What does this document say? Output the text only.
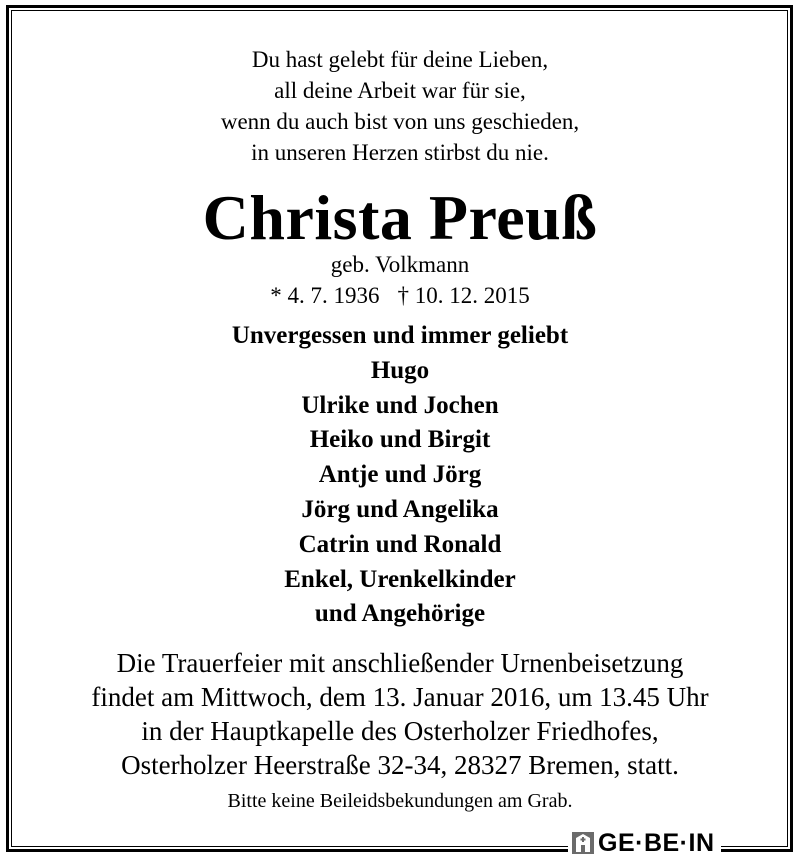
Du hast gelebt für deine Lieben,
all deine Arbeit war für sie,
wenn du auch bist von uns geschieden,
in unseren Herzen stirbst du nie.
Christa Preuß
geb. Volkmann
* 4. 7. 1936 † 10. 12. 2015
Unvergessen und immer geliebt
Hugo
Ulrike und Jochen
Heiko und Birgit
Antje und Jörg
Jörg und Angelika
Catrin und Ronald
Enkel, Urenkelkinder
und Angehörige
Die Trauerfeier mit anschließender Urnenbeisetzung
findet am Mittwoch, dem 13. Januar 2016, um 13.45 Uhr
in der Hauptkapelle des Osterholzer Friedhofes,
Osterholzer Heerstraße 32-34, 28327 Bremen, statt.
Bitte keine Beileidsbekundungen am Grab.
GE·BE·IN
